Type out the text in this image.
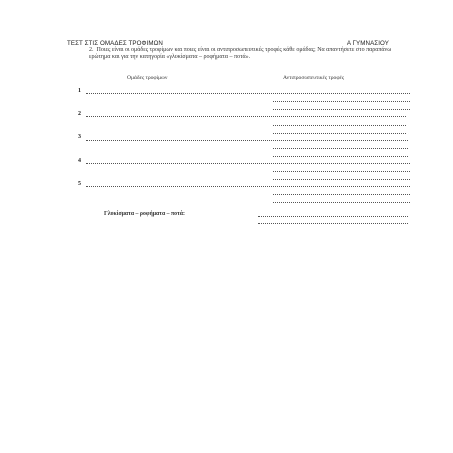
ΤΕΣΤ ΣΤΙΣ ΟΜΑΔΕΣ ΤΡΟΦΙΜΩΝ	Α ΓΥΜΝΑΣΙΟΥ
2. Ποιες είναι οι ομάδες τροφίμων και ποιες είναι οι αντιπροσωπευτικές τροφές κάθε ομάδας; Να απαντήσετε στο παραπάνω ερώτημα και για την κατηγορία «γλυκίσματα – ροφήματα – ποτά».
Ομάδες τροφίμων	Αντιπροσωπευτικές τροφές
1
2
3
4
5
Γλυκίσματα – ροφήματα – ποτά:
